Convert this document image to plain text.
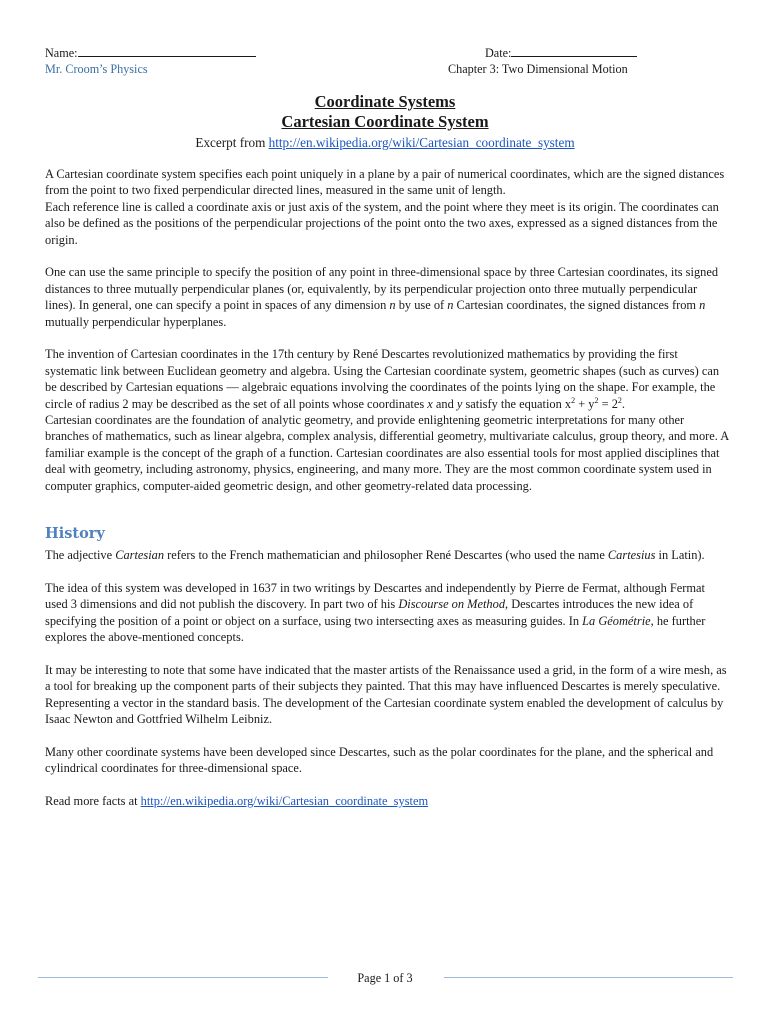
Name:
Mr. Croom’s Physics
Date:
Chapter 3: Two Dimensional Motion
Coordinate Systems
Cartesian Coordinate System
Excerpt from http://en.wikipedia.org/wiki/Cartesian_coordinate_system

A Cartesian coordinate system specifies each point uniquely in a plane by a pair of numerical coordinates, which are the signed distances from the point to two fixed perpendicular directed lines, measured in the same unit of length.

Each reference line is called a coordinate axis or just axis of the system, and the point where they meet is its origin. The coordinates can also be defined as the positions of the perpendicular projections of the point onto the two axes, expressed as a signed distances from the origin.

One can use the same principle to specify the position of any point in three-dimensional space by three Cartesian coordinates, its signed distances to three mutually perpendicular planes (or, equivalently, by its perpendicular projection onto three mutually perpendicular lines). In general, one can specify a point in spaces of any dimension n by use of n Cartesian coordinates, the signed distances from n mutually perpendicular hyperplanes.

The invention of Cartesian coordinates in the 17th century by René Descartes revolutionized mathematics by providing the first systematic link between Euclidean geometry and algebra. Using the Cartesian coordinate system, geometric shapes (such as curves) can be described by Cartesian equations — algebraic equations involving the coordinates of the points lying on the shape. For example, the circle of radius 2 may be described as the set of all points whose coordinates x and y satisfy the equation $x^2 + y^2 = 2^2$.

Cartesian coordinates are the foundation of analytic geometry, and provide enlightening geometric interpretations for many other branches of mathematics, such as linear algebra, complex analysis, differential geometry, multivariate calculus, group theory, and more. A familiar example is the concept of the graph of a function. Cartesian coordinates are also essential tools for most applied disciplines that deal with geometry, including astronomy, physics, engineering, and many more. They are the most common coordinate system used in computer graphics, computer-aided geometric design, and other geometry-related data processing.

History

The adjective Cartesian refers to the French mathematician and philosopher René Descartes (who used the name Cartesius in Latin).

The idea of this system was developed in 1637 in two writings by Descartes and independently by Pierre de Fermat, although Fermat used 3 dimensions and did not publish the discovery. In part two of his Discourse on Method, Descartes introduces the new idea of specifying the position of a point or object on a surface, using two intersecting axes as measuring guides. In La Géométrie, he further explores the above-mentioned concepts.

It may be interesting to note that some have indicated that the master artists of the Renaissance used a grid, in the form of a wire mesh, as a tool for breaking up the component parts of their subjects they painted. That this may have influenced Descartes is merely speculative. Representing a vector in the standard basis. The development of the Cartesian coordinate system enabled the development of calculus by Isaac Newton and Gottfried Wilhelm Leibniz.

Many other coordinate systems have been developed since Descartes, such as the polar coordinates for the plane, and the spherical and cylindrical coordinates for three-dimensional space.

Read more facts at http://en.wikipedia.org/wiki/Cartesian_coordinate_system

Page 1 of 3
